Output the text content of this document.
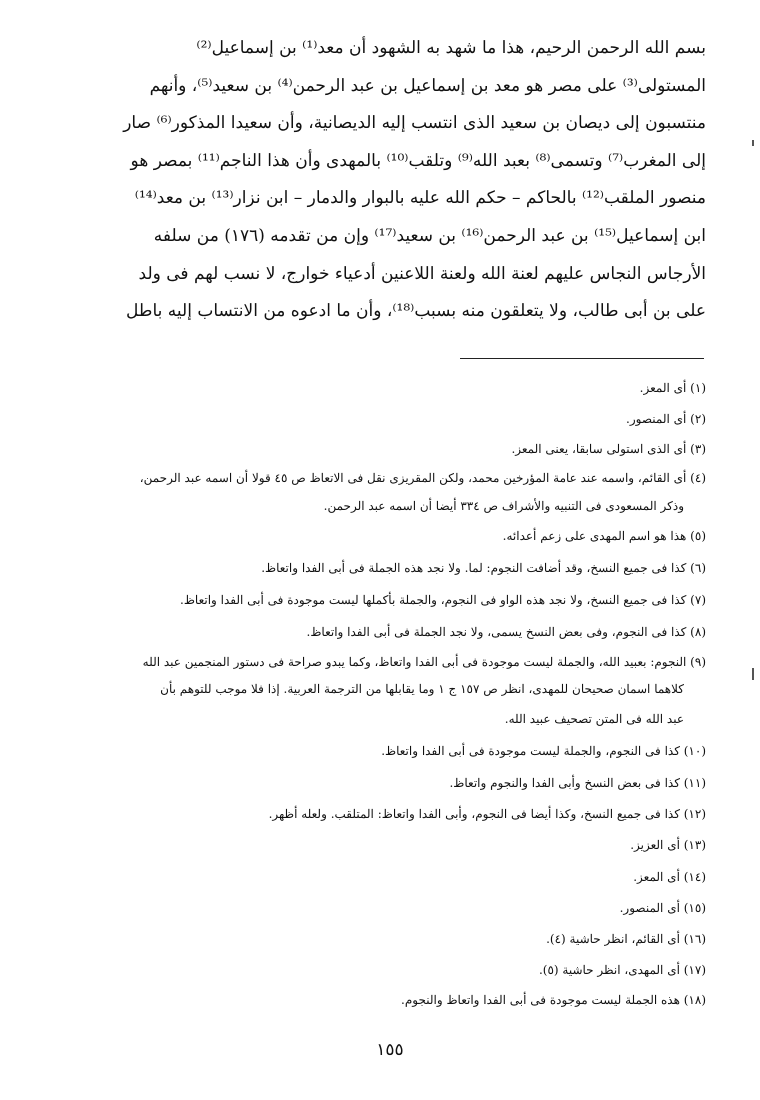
بسم الله الرحمن الرحيم، هذا ما شهد به الشهود أن معد⁽¹⁾ بن إسماعيل⁽²⁾
المستولى⁽³⁾ على مصر هو معد بن إسماعيل بن عبد الرحمن⁽⁴⁾ بن سعيد⁽⁵⁾، وأنهم
منتسبون إلى ديصان بن سعيد الذى انتسب إليه الديصانية، وأن سعيدا المذكور⁽⁶⁾ صار
إلى المغرب⁽⁷⁾ وتسمى⁽⁸⁾ بعبد الله⁽⁹⁾ وتلقب⁽¹⁰⁾ بالمهدى وأن هذا الناجم⁽¹¹⁾ بمصر هو
منصور الملقب⁽¹²⁾ بالحاكم – حكم الله عليه بالبوار والدمار – ابن نزار⁽¹³⁾ بن معد⁽¹⁴⁾
ابن إسماعيل⁽¹⁵⁾ بن عبد الرحمن⁽¹⁶⁾ بن سعيد⁽¹⁷⁾ وإن من تقدمه (١٧٦) من سلفه
الأرجاس النجاس عليهم لعنة الله ولعنة اللاعنين أدعياء خوارج، لا نسب لهم فى ولد
على بن أبى طالب، ولا يتعلقون منه بسبب⁽¹⁸⁾، وأن ما ادعوه من الانتساب إليه باطل
(١) أى المعز.
(٢) أى المنصور.
(٣) أى الذى استولى سابقا، يعنى المعز.
(٤) أى القائم، واسمه عند عامة المؤرخين محمد، ولكن المقريزى نقل فى الاتعاظ ص ٤٥ قولا أن اسمه عبد الرحمن،
وذكر المسعودى فى التنبيه والأشراف ص ٣٣٤ أيضا أن اسمه عبد الرحمن.
(٥) هذا هو اسم المهدى على زعم أعدائه.
(٦) كذا فى جميع النسخ، وقد أضافت النجوم: لما. ولا نجد هذه الجملة فى أبى الفدا واتعاظ.
(٧) كذا فى جميع النسخ، ولا نجد هذه الواو فى النجوم، والجملة بأكملها ليست موجودة فى أبى الفدا واتعاظ.
(٨) كذا فى النجوم، وفى بعض النسخ يسمى، ولا نجد الجملة فى أبى الفدا واتعاظ.
(٩) النجوم: بعبيد الله، والجملة ليست موجودة فى أبى الفدا واتعاظ، وكما يبدو صراحة فى دستور المنجمين عبد الله
كلاهما اسمان صحيحان للمهدى، انظر ص ١٥٧ ج ١ وما يقابلها من الترجمة العربية. إذا فلا موجب للتوهم بأن
عبد الله فى المتن تصحيف عبيد الله.
(١٠) كذا فى النجوم، والجملة ليست موجودة فى أبى الفدا واتعاظ.
(١١) كذا فى بعض النسخ وأبى الفدا والنجوم واتعاظ.
(١٢) كذا فى جميع النسخ، وكذا أيضا فى النجوم، وأبى الفدا واتعاظ: المتلقب. ولعله أظهر.
(١٣) أى العزيز.
(١٤) أى المعز.
(١٥) أى المنصور.
(١٦) أى القائم، انظر حاشية (٤).
(١٧) أى المهدى، انظر حاشية (٥).
(١٨) هذه الجملة ليست موجودة فى أبى الفدا واتعاظ والنجوم.
١٥٥
